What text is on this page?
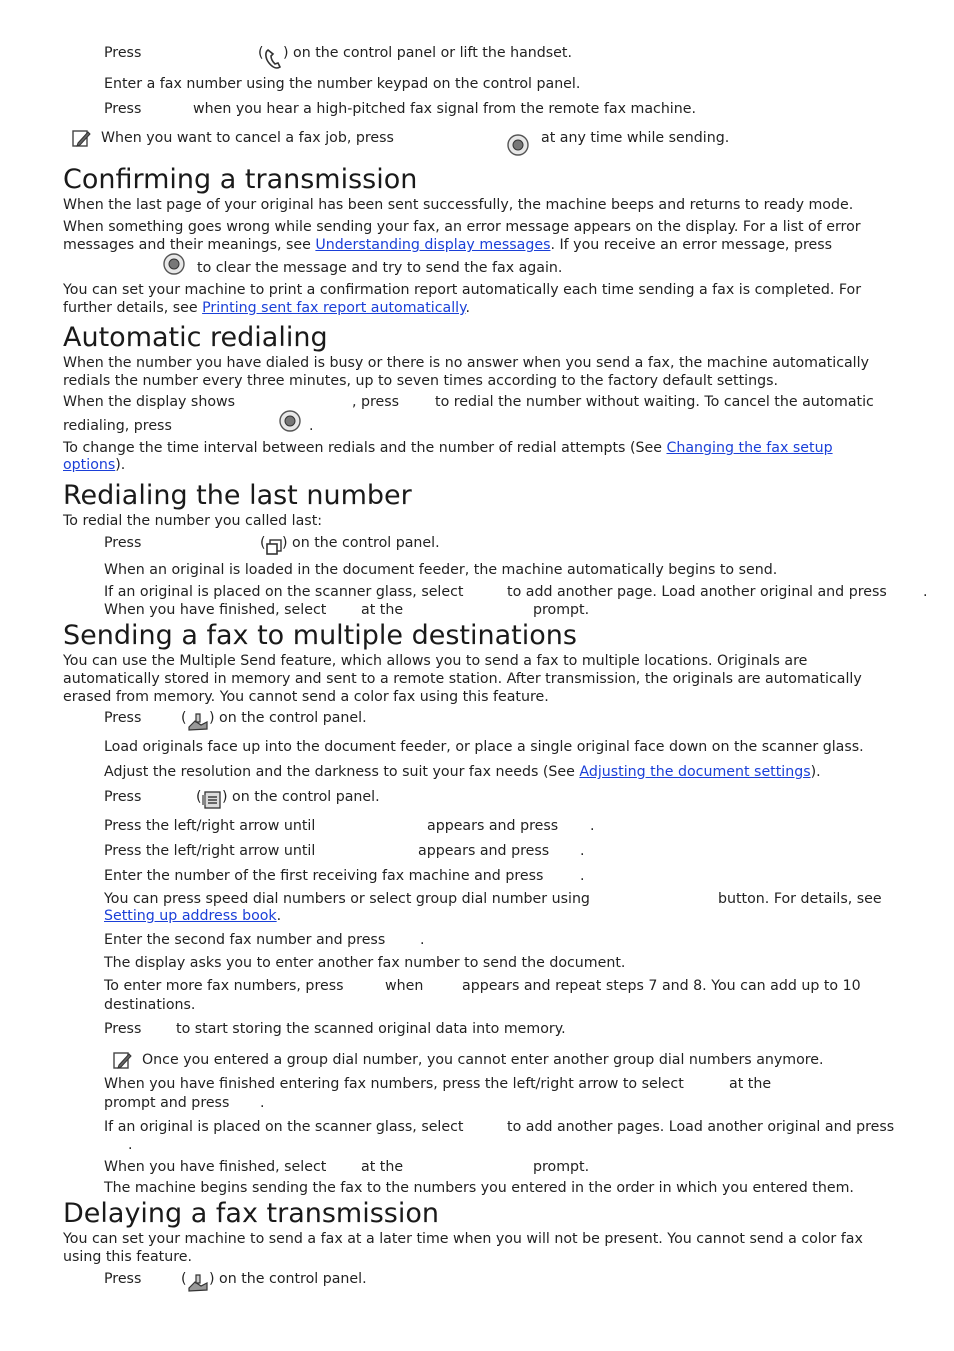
Press	( ) on the control panel or lift the handset.
Enter a fax number using the number keypad on the control panel.
Press	when you hear a high-pitched fax signal from the remote fax machine.
When you want to cancel a fax job, press	at any time while sending.
Confirming a transmission
When the last page of your original has been sent successfully, the machine beeps and returns to ready mode.
When something goes wrong while sending your fax, an error message appears on the display. For a list of error
messages and their meanings, see Understanding display messages. If you receive an error message, press
to clear the message and try to send the fax again.
You can set your machine to print a confirmation report automatically each time sending a fax is completed. For
further details, see Printing sent fax report automatically.
Automatic redialing
When the number you have dialed is busy or there is no answer when you send a fax, the machine automatically
redials the number every three minutes, up to seven times according to the factory default settings.
When the display shows	, press	to redial the number without waiting. To cancel the automatic
redialing, press	.
To change the time interval between redials and the number of redial attempts (See Changing the fax setup
options).
Redialing the last number
To redial the number you called last:
Press	( ) on the control panel.
When an original is loaded in the document feeder, the machine automatically begins to send.
If an original is placed on the scanner glass, select	to add another page. Load another original and press	.
When you have finished, select at the	prompt.
Sending a fax to multiple destinations
You can use the Multiple Send feature, which allows you to send a fax to multiple locations. Originals are
automatically stored in memory and sent to a remote station. After transmission, the originals are automatically
erased from memory. You cannot send a color fax using this feature.
Press	( ) on the control panel.
Load originals face up into the document feeder, or place a single original face down on the scanner glass.
Adjust the resolution and the darkness to suit your fax needs (See Adjusting the document settings).
Press	( ) on the control panel.
Press the left/right arrow until	appears and press .
Press the left/right arrow until	appears and press .
Enter the number of the first receiving fax machine and press	.
You can press speed dial numbers or select group dial number using	button. For details, see
Setting up address book.
Enter the second fax number and press .
The display asks you to enter another fax number to send the document.
To enter more fax numbers, press	when	appears and repeat steps 7 and 8. You can add up to 10
destinations.
Press to start storing the scanned original data into memory.
Once you entered a group dial number, you cannot enter another group dial numbers anymore.
When you have finished entering fax numbers, press the left/right arrow to select	at the
prompt and press .
If an original is placed on the scanner glass, select	to add another pages. Load another original and press
.
When you have finished, select at the	prompt.
The machine begins sending the fax to the numbers you entered in the order in which you entered them.
Delaying a fax transmission
You can set your machine to send a fax at a later time when you will not be present. You cannot send a color fax
using this feature.
Press	( ) on the control panel.
